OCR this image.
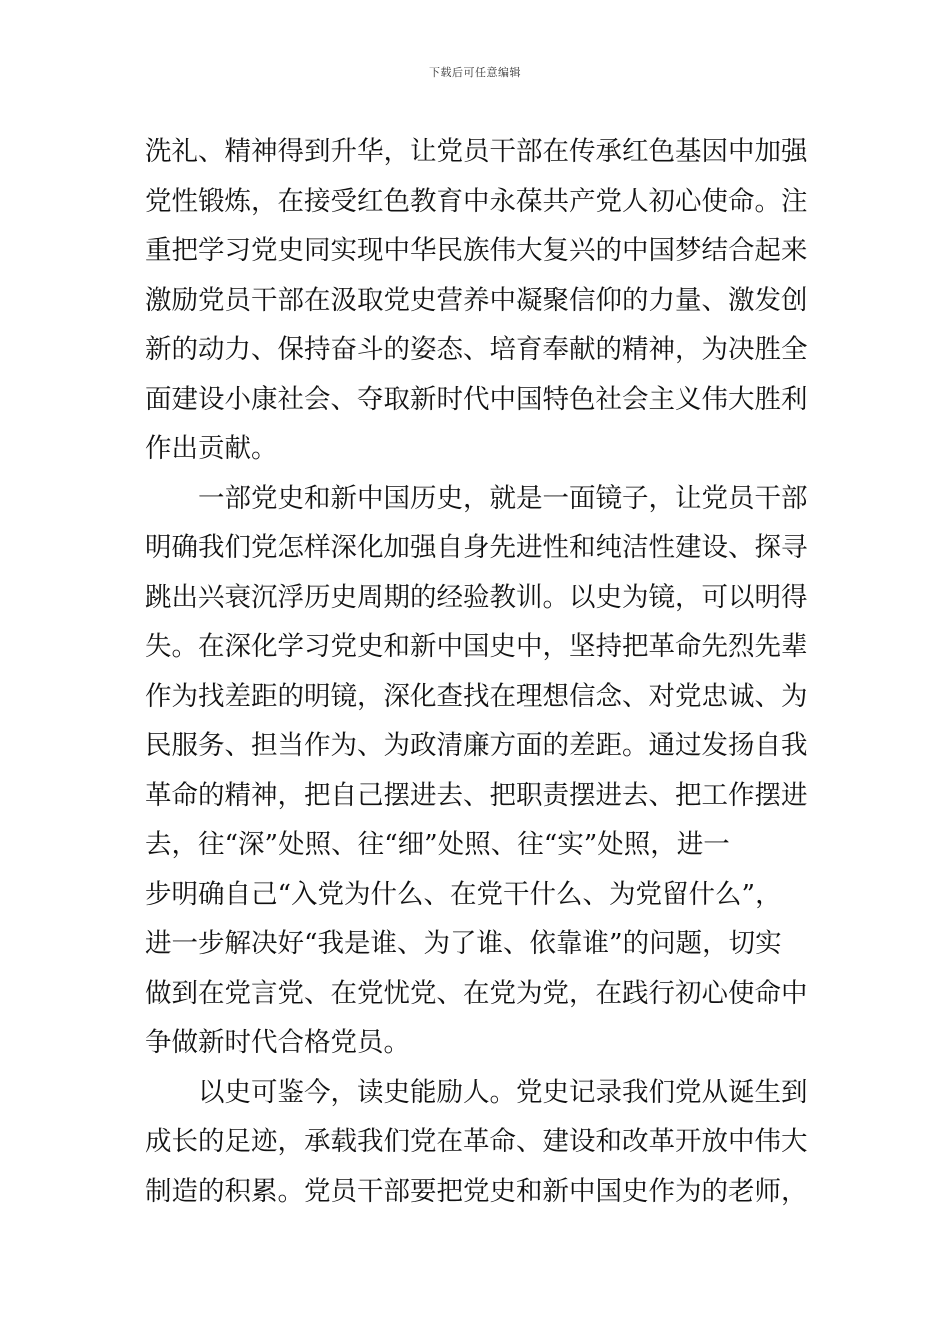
下载后可任意编辑
洗礼、精神得到升华，让党员干部在传承红色基因中加强
党性锻炼，在接受红色教育中永葆共产党人初心使命。注
重把学习党史同实现中华民族伟大复兴的中国梦结合起来
激励党员干部在汲取党史营养中凝聚信仰的力量、激发创
新的动力、保持奋斗的姿态、培育奉献的精神，为决胜全
面建设小康社会、夺取新时代中国特色社会主义伟大胜利
作出贡献。
一部党史和新中国历史，就是一面镜子，让党员干部
明确我们党怎样深化加强自身先进性和纯洁性建设、探寻
跳出兴衰沉浮历史周期的经验教训。以史为镜，可以明得
失。在深化学习党史和新中国史中，坚持把革命先烈先辈
作为找差距的明镜，深化查找在理想信念、对党忠诚、为
民服务、担当作为、为政清廉方面的差距。通过发扬自我
革命的精神，把自己摆进去、把职责摆进去、把工作摆进
去，往“深”处照、往“细”处照、往“实”处照，进一
步明确自己“入党为什么、在党干什么、为党留什么”，
进一步解决好“我是谁、为了谁、依靠谁”的问题，切实
做到在党言党、在党忧党、在党为党，在践行初心使命中
争做新时代合格党员。
以史可鉴今，读史能励人。党史记录我们党从诞生到
成长的足迹，承载我们党在革命、建设和改革开放中伟大
制造的积累。党员干部要把党史和新中国史作为的老师，
